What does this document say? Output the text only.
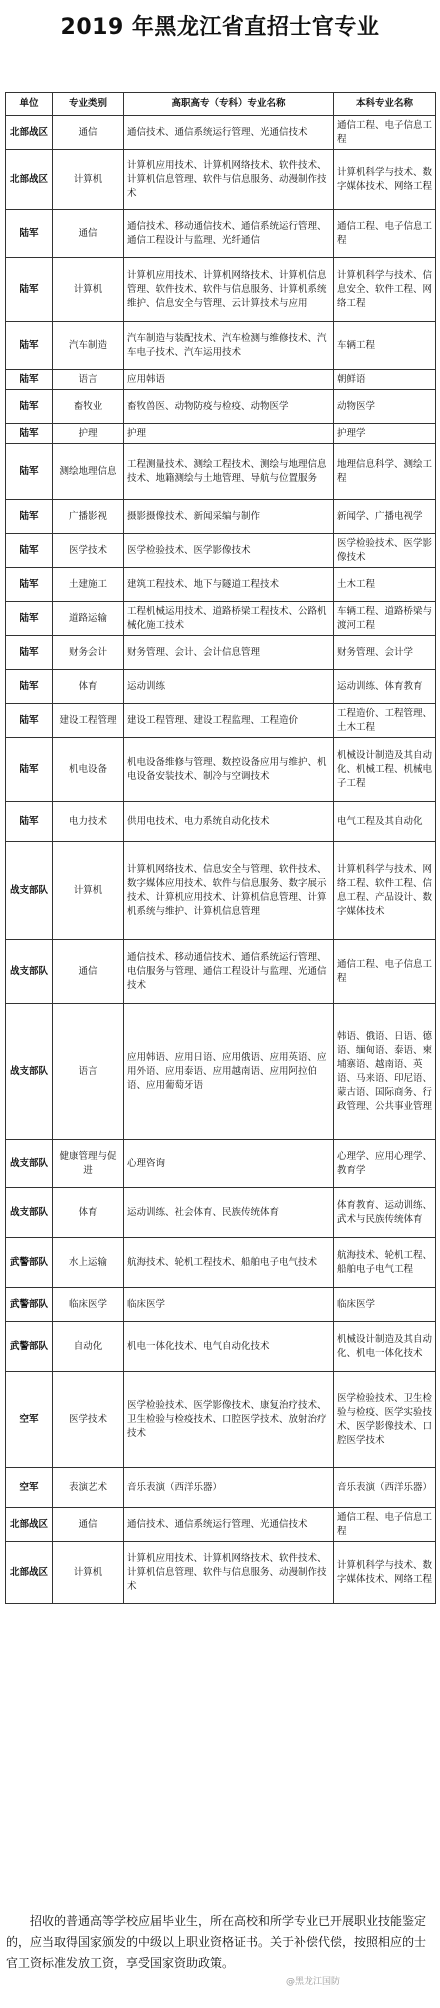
2019 年黑龙江省直招士官专业
单位	专业类别	高职高专（专科）专业名称	本科专业名称
北部战区	通信	通信技术、通信系统运行管理、光通信技术	通信工程、电子信息工程
北部战区	计算机	计算机应用技术、计算机网络技术、软件技术、计算机信息管理、软件与信息服务、动漫制作技术	计算机科学与技术、数字媒体技术、网络工程
陆军	通信	通信技术、移动通信技术、通信系统运行管理、通信工程设计与监理、光纤通信	通信工程、电子信息工程
陆军	计算机	计算机应用技术、计算机网络技术、计算机信息管理、软件技术、软件与信息服务、计算机系统维护、信息安全与管理、云计算技术与应用	计算机科学与技术、信息安全、软件工程、网络工程
陆军	汽车制造	汽车制造与装配技术、汽车检测与维修技术、汽车电子技术、汽车运用技术	车辆工程
陆军	语言	应用韩语	朝鲜语
陆军	畜牧业	畜牧兽医、动物防疫与检疫、动物医学	动物医学
陆军	护理	护理	护理学
陆军	测绘地理信息	工程测量技术、测绘工程技术、测绘与地理信息技术、地籍测绘与土地管理、导航与位置服务	地理信息科学、测绘工程
陆军	广播影视	摄影摄像技术、新闻采编与制作	新闻学、广播电视学
陆军	医学技术	医学检验技术、医学影像技术	医学检验技术、医学影像技术
陆军	土建施工	建筑工程技术、地下与隧道工程技术	土木工程
陆军	道路运输	工程机械运用技术、道路桥梁工程技术、公路机械化施工技术	车辆工程、道路桥梁与渡河工程
陆军	财务会计	财务管理、会计、会计信息管理	财务管理、会计学
陆军	体育	运动训练	运动训练、体育教育
陆军	建设工程管理	建设工程管理、建设工程监理、工程造价	工程造价、工程管理、土木工程
陆军	机电设备	机电设备维修与管理、数控设备应用与维护、机电设备安装技术、制冷与空调技术	机械设计制造及其自动化、机械工程、机械电子工程
陆军	电力技术	供用电技术、电力系统自动化技术	电气工程及其自动化
战支部队	计算机	计算机网络技术、信息安全与管理、软件技术、数字媒体应用技术、软件与信息服务、数字展示技术、计算机应用技术、计算机信息管理、计算机系统与维护、计算机信息管理	计算机科学与技术、网络工程、软件工程、信息工程、产品设计、数字媒体技术
战支部队	通信	通信技术、移动通信技术、通信系统运行管理、电信服务与管理、通信工程设计与监理、光通信技术	通信工程、电子信息工程
战支部队	语言	应用韩语、应用日语、应用俄语、应用英语、应用外语、应用泰语、应用越南语、应用阿拉伯语、应用葡萄牙语	韩语、俄语、日语、德语、缅甸语、泰语、柬埔寨语、越南语、英语、马来语、印尼语、蒙古语、国际商务、行政管理、公共事业管理
战支部队	健康管理与促进	心理咨询	心理学、应用心理学、教育学
战支部队	体育	运动训练、社会体育、民族传统体育	体育教育、运动训练、武术与民族传统体育
武警部队	水上运输	航海技术、轮机工程技术、船舶电子电气技术	航海技术、轮机工程、船舶电子电气工程
武警部队	临床医学	临床医学	临床医学
武警部队	自动化	机电一体化技术、电气自动化技术	机械设计制造及其自动化、机电一体化技术
空军	医学技术	医学检验技术、医学影像技术、康复治疗技术、卫生检验与检疫技术、口腔医学技术、放射治疗技术	医学检验技术、卫生检验与检疫、医学实验技术、医学影像技术、口腔医学技术
空军	表演艺术	音乐表演（西洋乐器）	音乐表演（西洋乐器）
北部战区	通信	通信技术、通信系统运行管理、光通信技术	通信工程、电子信息工程
北部战区	计算机	计算机应用技术、计算机网络技术、软件技术、计算机信息管理、软件与信息服务、动漫制作技术	计算机科学与技术、数字媒体技术、网络工程
招收的普通高等学校应届毕业生，所在高校和所学专业已开展职业技能鉴定的，应当取得国家颁发的中级以上职业资格证书。关于补偿代偿，按照相应的士官工资标准发放工资，享受国家资助政策。
@黑龙江国防
